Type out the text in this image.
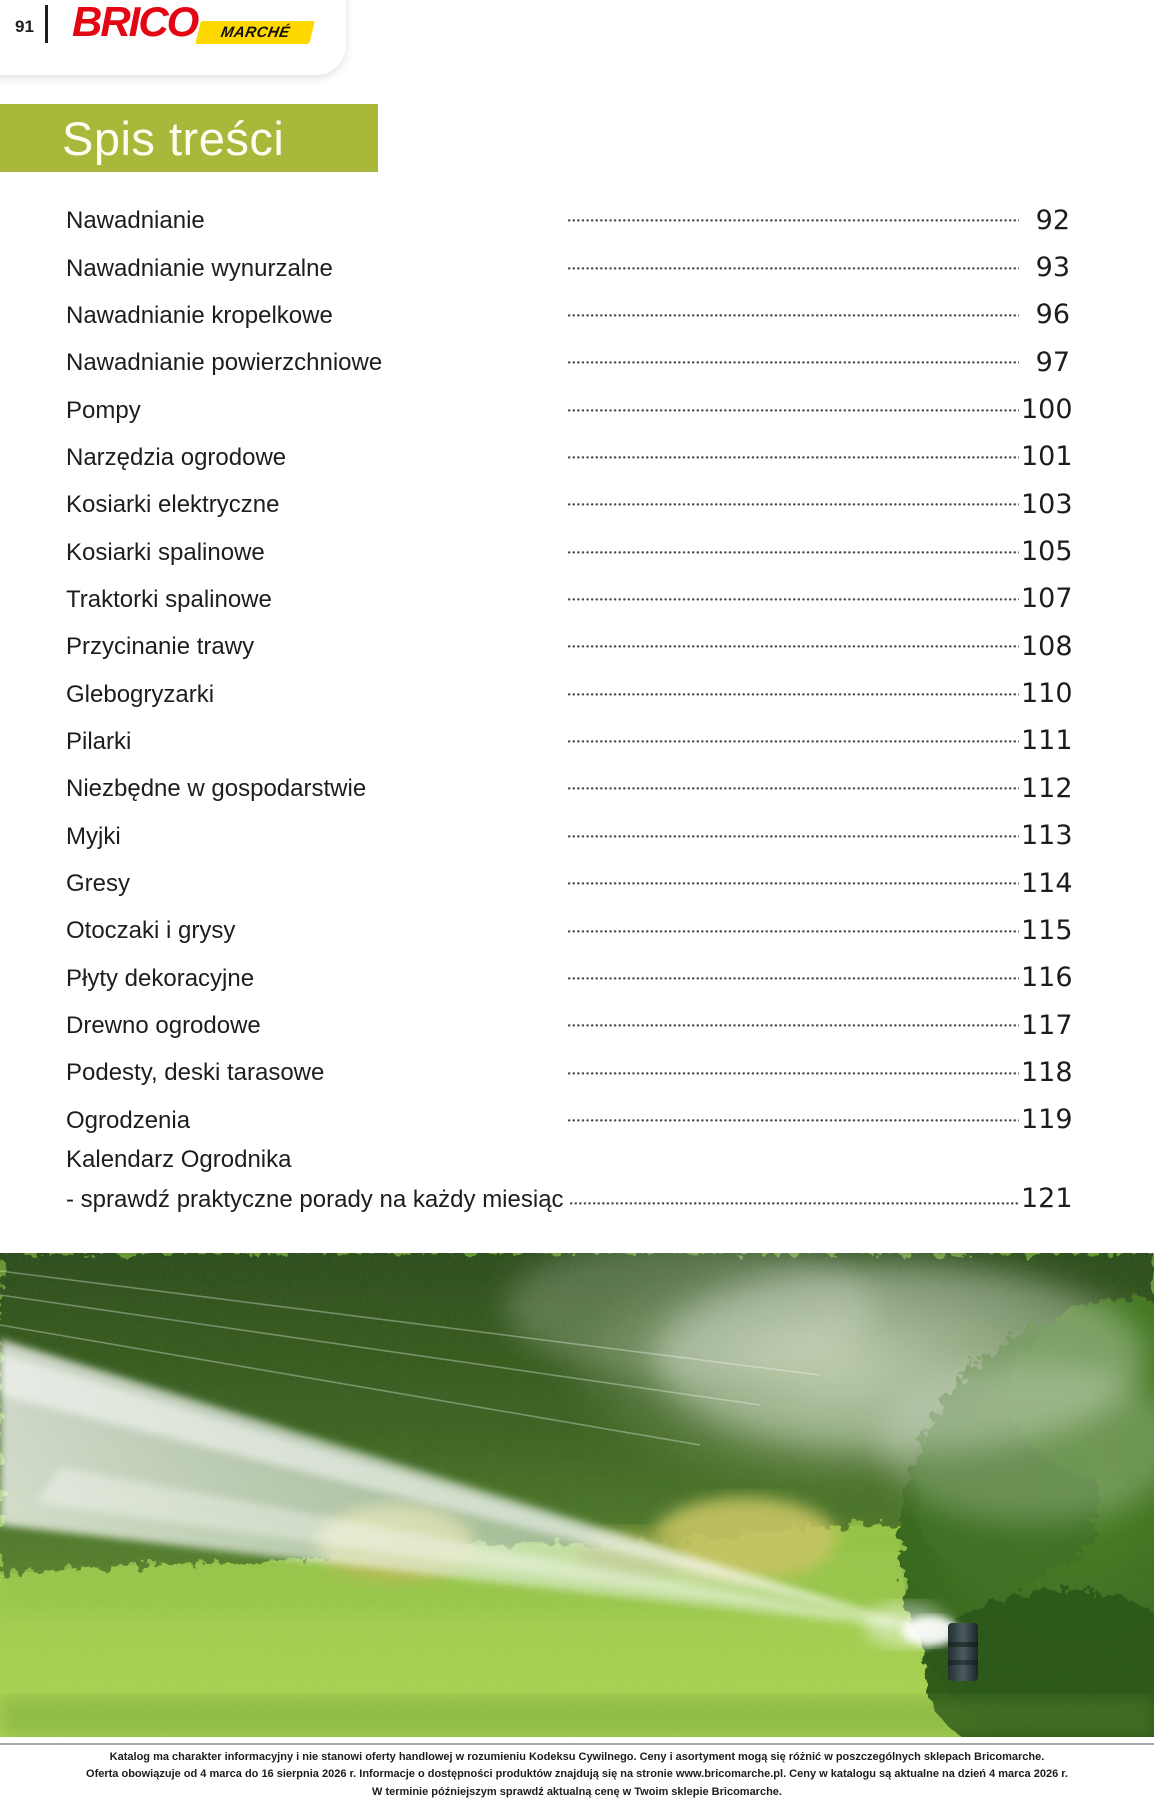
91 BRICO MARCHÉ
Spis treści
Nawadnianie	92
Nawadnianie wynurzalne	93
Nawadnianie kropelkowe	96
Nawadnianie powierzchniowe	97
Pompy	100
Narzędzia ogrodowe	101
Kosiarki elektryczne	103
Kosiarki spalinowe	105
Traktorki spalinowe	107
Przycinanie trawy	108
Glebogryzarki	110
Pilarki	111
Niezbędne w gospodarstwie	112
Myjki	113
Gresy	114
Otoczaki i grysy	115
Płyty dekoracyjne	116
Drewno ogrodowe	117
Podesty, deski tarasowe	118
Ogrodzenia	119
Kalendarz Ogrodnika
- sprawdź praktyczne porady na każdy miesiąc	121
Katalog ma charakter informacyjny i nie stanowi oferty handlowej w rozumieniu Kodeksu Cywilnego. Ceny i asortyment mogą się różnić w poszczególnych sklepach Bricomarche.
Oferta obowiązuje od 4 marca do 16 sierpnia 2026 r. Informacje o dostępności produktów znajdują się na stronie www.bricomarche.pl. Ceny w katalogu są aktualne na dzień 4 marca 2026 r.
W terminie późniejszym sprawdź aktualną cenę w Twoim sklepie Bricomarche.
